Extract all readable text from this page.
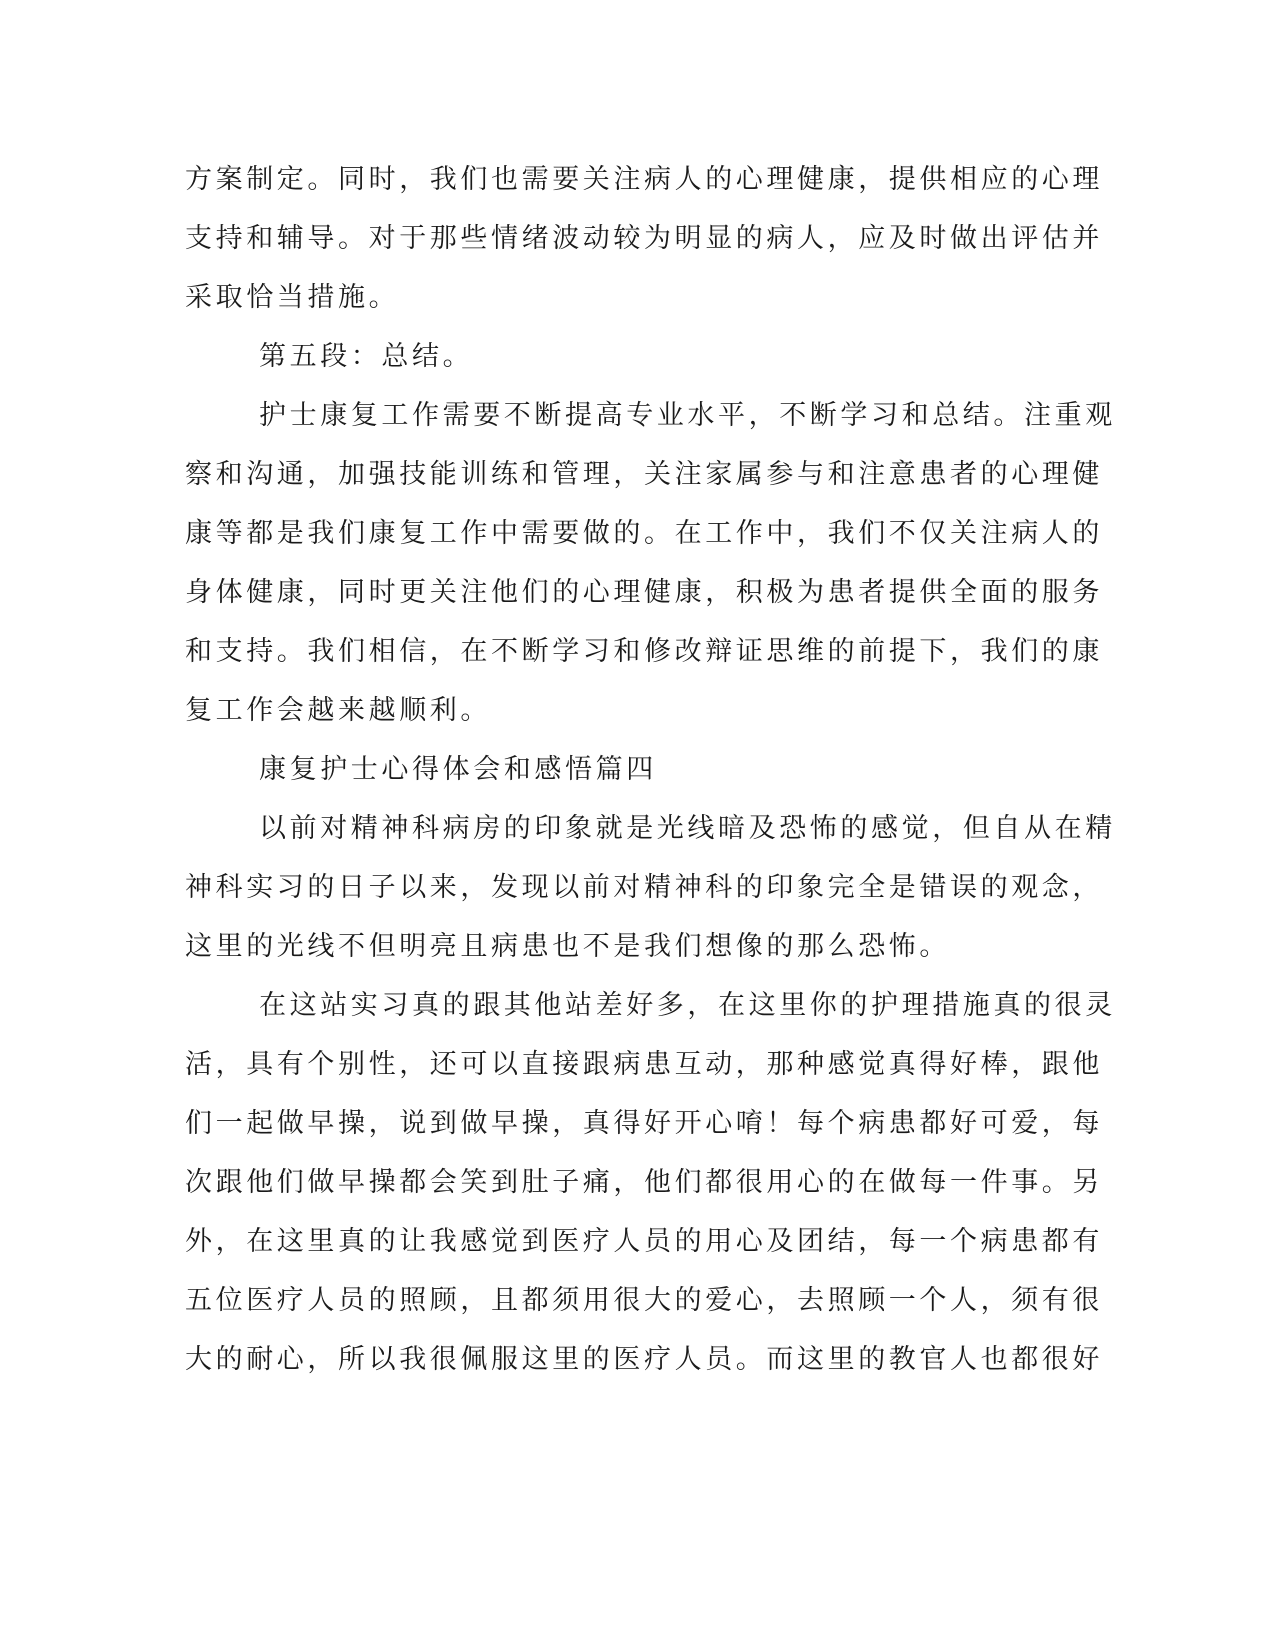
方案制定。同时，我们也需要关注病人的心理健康，提供相应的心理
支持和辅导。对于那些情绪波动较为明显的病人，应及时做出评估并
采取恰当措施。
第五段：总结。
护士康复工作需要不断提高专业水平，不断学习和总结。注重观
察和沟通，加强技能训练和管理，关注家属参与和注意患者的心理健
康等都是我们康复工作中需要做的。在工作中，我们不仅关注病人的
身体健康，同时更关注他们的心理健康，积极为患者提供全面的服务
和支持。我们相信，在不断学习和修改辩证思维的前提下，我们的康
复工作会越来越顺利。
康复护士心得体会和感悟篇四
以前对精神科病房的印象就是光线暗及恐怖的感觉，但自从在精
神科实习的日子以来，发现以前对精神科的印象完全是错误的观念，
这里的光线不但明亮且病患也不是我们想像的那么恐怖。
在这站实习真的跟其他站差好多，在这里你的护理措施真的很灵
活，具有个别性，还可以直接跟病患互动，那种感觉真得好棒，跟他
们一起做早操，说到做早操，真得好开心唷！每个病患都好可爱，每
次跟他们做早操都会笑到肚子痛，他们都很用心的在做每一件事。另
外，在这里真的让我感觉到医疗人员的用心及团结，每一个病患都有
五位医疗人员的照顾，且都须用很大的爱心，去照顾一个人，须有很
大的耐心，所以我很佩服这里的医疗人员。而这里的教官人也都很好
